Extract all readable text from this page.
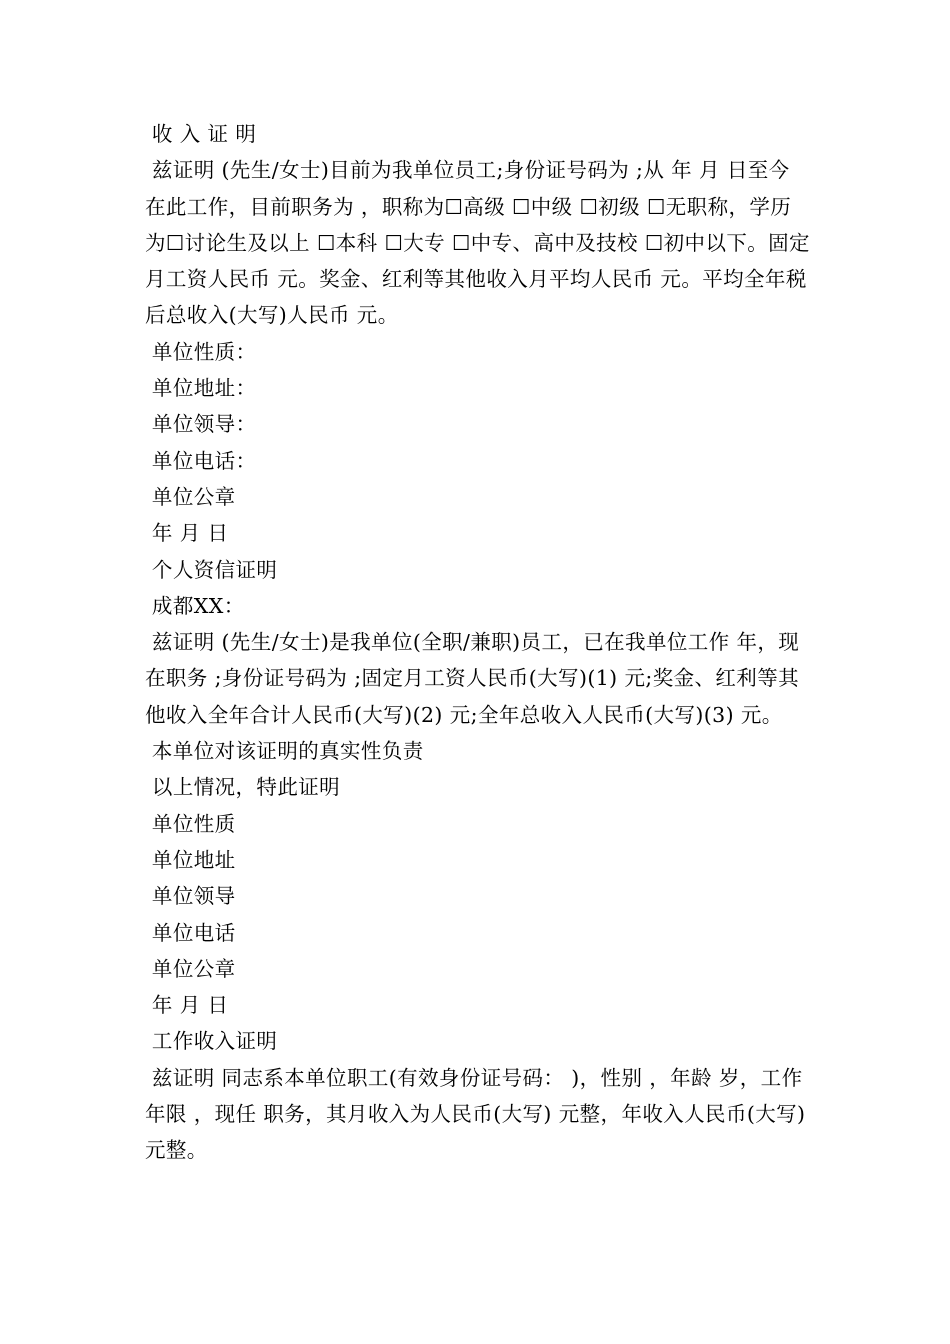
收 入 证 明

兹证明 (先生/女士)目前为我单位员工;身份证号码为 ;从 年 月 日至今在此工作，目前职务为 ，职称为☐高级 ☐中级 ☐初级 ☐无职称，学历为☐讨论生及以上 ☐本科 ☐大专 ☐中专、高中及技校 ☐初中以下。固定月工资人民币 元。奖金、红利等其他收入月平均人民币 元。平均全年税后总收入(大写)人民币 元。

单位性质：

单位地址：

单位领导：

单位电话：

单位公章

年 月 日

个人资信证明

成都XX：

兹证明 (先生/女士)是我单位(全职/兼职)员工，已在我单位工作 年，现在职务 ;身份证号码为 ;固定月工资人民币(大写)(1) 元;奖金、红利等其他收入全年合计人民币(大写)(2) 元;全年总收入人民币(大写)(3) 元。

本单位对该证明的真实性负责

以上情况，特此证明

单位性质

单位地址

单位领导

单位电话

单位公章

年 月 日

工作收入证明

兹证明 同志系本单位职工(有效身份证号码： )，性别 ，年龄 岁，工作年限 ，现任 职务，其月收入为人民币(大写) 元整，年收入人民币(大写) 元整。
